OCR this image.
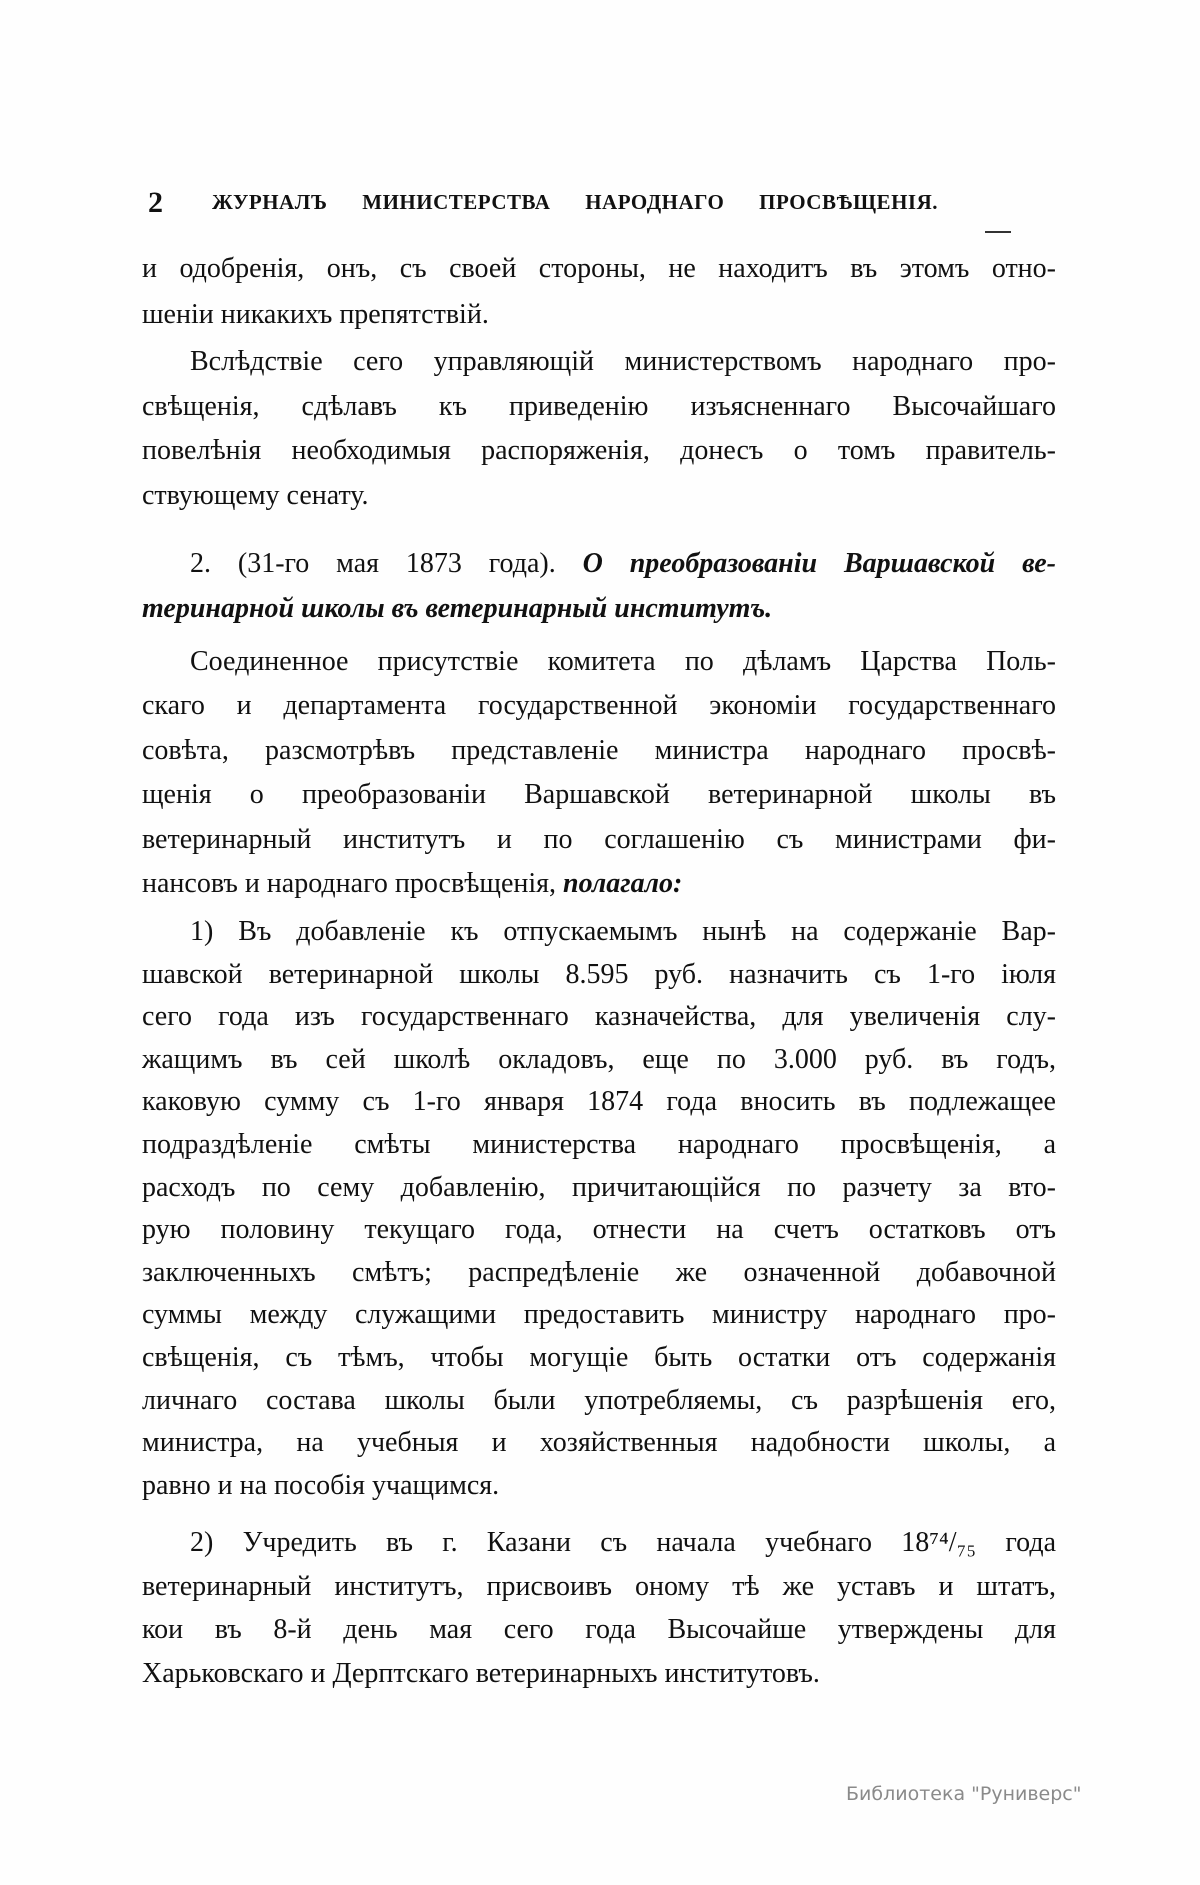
2 ЖУРНАЛЪ МИНИСТЕРСТВА НАРОДНАГО ПРОСВѢЩЕНІЯ.
и одобренія, онъ, съ своей стороны, не находитъ въ этомъ отно-
шеніи никакихъ препятствій.
Вслѣдствіе сего управляющій министерствомъ народнаго про-
свѣщенія, сдѣлавъ къ приведенію изъясненнаго Высочайшаго
повелѣнія необходимыя распоряженія, донесъ о томъ правитель-
ствующему сенату.
2. (31-го мая 1873 года). О преобразованіи Варшавской ве-
теринарной школы въ ветеринарный институтъ.
Соединенное присутствіе комитета по дѣламъ Царства Поль-
скаго и департамента государственной экономіи государственнаго
совѣта, разсмотрѣвъ представленіе министра народнаго просвѣ-
щенія о преобразованіи Варшавской ветеринарной школы въ
ветеринарный институтъ и по соглашенію съ министрами фи-
нансовъ и народнаго просвѣщенія, полагало:
1) Въ добавленіе къ отпускаемымъ нынѣ на содержаніе Вар-
шавской ветеринарной школы 8.595 руб. назначить съ 1-го іюля
сего года изъ государственнаго казначейства, для увеличенія слу-
жащимъ въ сей школѣ окладовъ, еще по 3.000 руб. въ годъ,
каковую сумму съ 1-го января 1874 года вносить въ подлежащее
подраздѣленіе смѣты министерства народнаго просвѣщенія, а
расходъ по сему добавленію, причитающійся по разчету за вто-
рую половину текущаго года, отнести на счетъ остатковъ отъ
заключенныхъ смѣтъ; распредѣленіе же означенной добавочной
суммы между служащими предоставить министру народнаго про-
свѣщенія, съ тѣмъ, чтобы могущіе быть остатки отъ содержанія
личнаго состава школы были употребляемы, съ разрѣшенія его,
министра, на учебныя и хозяйственныя надобности школы, а
равно и на пособія учащимся.
2) Учредить въ г. Казани съ начала учебнаго 18⁷⁴/₇₅ года
ветеринарный институтъ, присвоивъ оному тѣ же уставъ и штатъ,
кои въ 8-й день мая сего года Высочайше утверждены для
Харьковскаго и Дерптскаго ветеринарныхъ институтовъ.
Библиотека "Руниверс"
